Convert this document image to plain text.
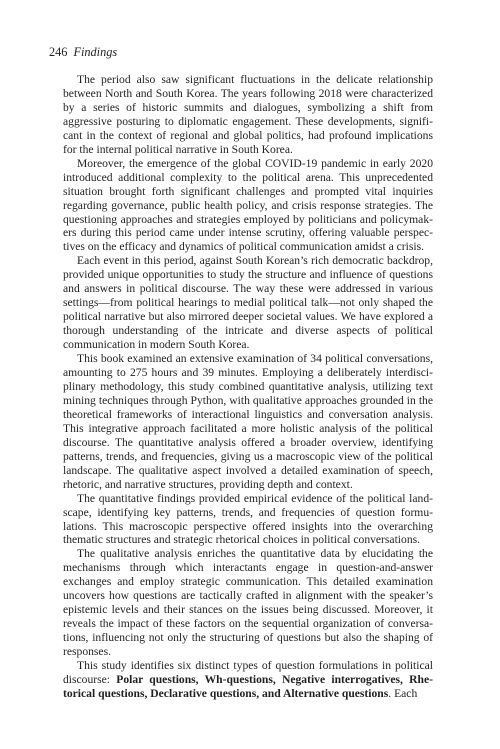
246 Findings

The period also saw significant fluctuations in the delicate relationship between North and South Korea. The years following 2018 were characterized by a series of historic summits and dialogues, symbolizing a shift from aggressive posturing to diplomatic engagement. These developments, significant in the context of regional and global politics, had profound implications for the internal political narrative in South Korea.

Moreover, the emergence of the global COVID-19 pandemic in early 2020 introduced additional complexity to the political arena. This unprecedented situation brought forth significant challenges and prompted vital inquiries regarding governance, public health policy, and crisis response strategies. The questioning approaches and strategies employed by politicians and policymakers during this period came under intense scrutiny, offering valuable perspectives on the efficacy and dynamics of political communication amidst a crisis.

Each event in this period, against South Korean’s rich democratic backdrop, provided unique opportunities to study the structure and influence of questions and answers in political discourse. The way these were addressed in various settings—from political hearings to medial political talk—not only shaped the political narrative but also mirrored deeper societal values. We have explored a thorough understanding of the intricate and diverse aspects of political communication in modern South Korea.

This book examined an extensive examination of 34 political conversations, amounting to 275 hours and 39 minutes. Employing a deliberately interdisciplinary methodology, this study combined quantitative analysis, utilizing text mining techniques through Python, with qualitative approaches grounded in the theoretical frameworks of interactional linguistics and conversation analysis. This integrative approach facilitated a more holistic analysis of the political discourse. The quantitative analysis offered a broader overview, identifying patterns, trends, and frequencies, giving us a macroscopic view of the political landscape. The qualitative aspect involved a detailed examination of speech, rhetoric, and narrative structures, providing depth and context.

The quantitative findings provided empirical evidence of the political landscape, identifying key patterns, trends, and frequencies of question formulations. This macroscopic perspective offered insights into the overarching thematic structures and strategic rhetorical choices in political conversations.

The qualitative analysis enriches the quantitative data by elucidating the mechanisms through which interactants engage in question-and-answer exchanges and employ strategic communication. This detailed examination uncovers how questions are tactically crafted in alignment with the speaker’s epistemic levels and their stances on the issues being discussed. Moreover, it reveals the impact of these factors on the sequential organization of conversations, influencing not only the structuring of questions but also the shaping of responses.

This study identifies six distinct types of question formulations in political discourse: Polar questions, Wh-questions, Negative interrogatives, Rhetorical questions, Declarative questions, and Alternative questions. Each
